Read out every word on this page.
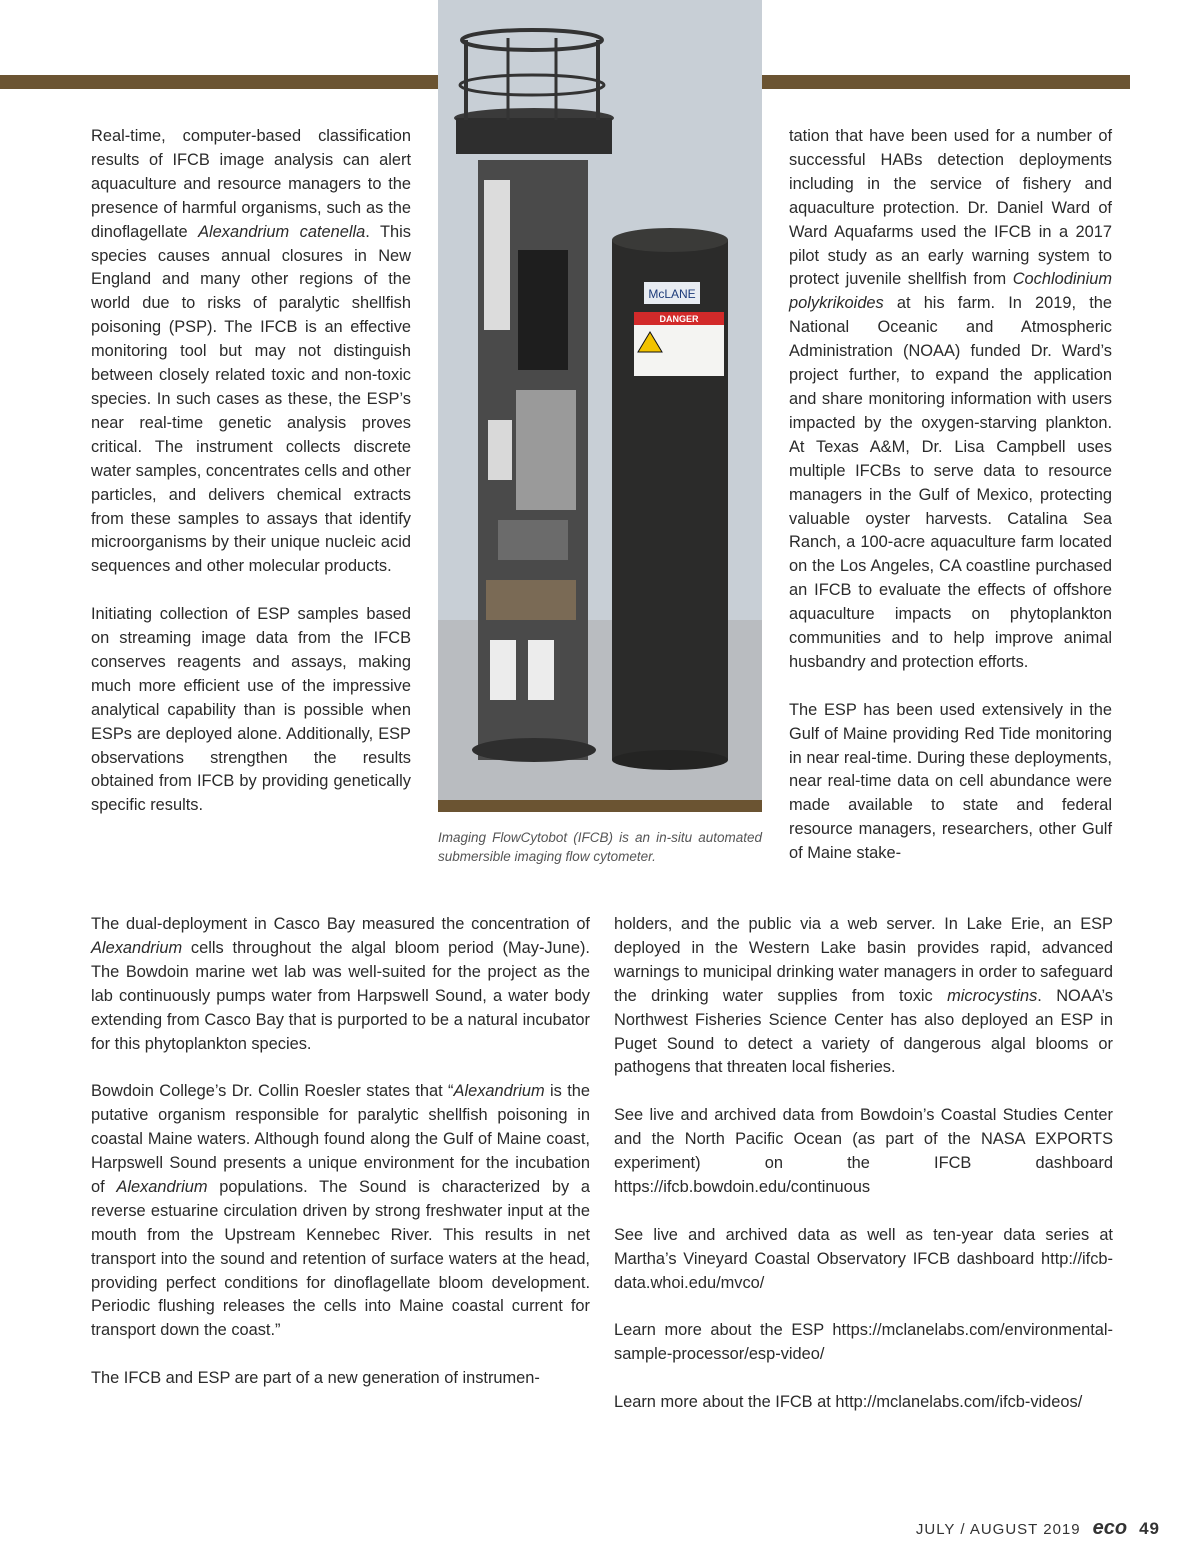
McLANE
DANGER
Imaging FlowCytobot (IFCB) is an in-situ automated submersible imaging flow cytometer.

Real-time, computer-based classification results of IFCB image analysis can alert aquaculture and resource managers to the presence of harmful organisms, such as the dinoflagellate Alexandrium catenella. This species causes annual closures in New England and many other regions of the world due to risks of paralytic shellfish poisoning (PSP). The IFCB is an effective monitoring tool but may not distinguish between closely related toxic and non-toxic species. In such cases as these, the ESP’s near real-time genetic analysis proves critical. The instrument collects discrete water samples, concentrates cells and other particles, and delivers chemical extracts from these samples to assays that identify microorganisms by their unique nucleic acid sequences and other molecular products.

Initiating collection of ESP samples based on streaming image data from the IFCB conserves reagents and assays, making much more efficient use of the impressive analytical capability than is possible when ESPs are deployed alone. Additionally, ESP observations strengthen the results obtained from IFCB by providing genetically specific results.

tation that have been used for a number of successful HABs detection deployments including in the service of fishery and aquaculture protection. Dr. Daniel Ward of Ward Aquafarms used the IFCB in a 2017 pilot study as an early warning system to protect juvenile shellfish from Cochlodinium polykrikoides at his farm. In 2019, the National Oceanic and Atmospheric Administration (NOAA) funded Dr. Ward’s project further, to expand the application and share monitoring information with users impacted by the oxygen-starving plankton. At Texas A&M, Dr. Lisa Campbell uses multiple IFCBs to serve data to resource managers in the Gulf of Mexico, protecting valuable oyster harvests. Catalina Sea Ranch, a 100-acre aquaculture farm located on the Los Angeles, CA coastline purchased an IFCB to evaluate the effects of offshore aquaculture impacts on phytoplankton communities and to help improve animal husbandry and protection efforts.

The ESP has been used extensively in the Gulf of Maine providing Red Tide monitoring in near real-time. During these deployments, near real-time data on cell abundance were made available to state and federal resource managers, researchers, other Gulf of Maine stake-

The dual-deployment in Casco Bay measured the concentration of Alexandrium cells throughout the algal bloom period (May-June). The Bowdoin marine wet lab was well-suited for the project as the lab continuously pumps water from Harpswell Sound, a water body extending from Casco Bay that is purported to be a natural incubator for this phytoplankton species.

Bowdoin College’s Dr. Collin Roesler states that “Alexandrium is the putative organism responsible for paralytic shellfish poisoning in coastal Maine waters. Although found along the Gulf of Maine coast, Harpswell Sound presents a unique environment for the incubation of Alexandrium populations. The Sound is characterized by a reverse estuarine circulation driven by strong freshwater input at the mouth from the Upstream Kennebec River. This results in net transport into the sound and retention of surface waters at the head, providing perfect conditions for dinoflagellate bloom development. Periodic flushing releases the cells into Maine coastal current for transport down the coast.”

The IFCB and ESP are part of a new generation of instrumen-

holders, and the public via a web server. In Lake Erie, an ESP deployed in the Western Lake basin provides rapid, advanced warnings to municipal drinking water managers in order to safeguard the drinking water supplies from toxic microcystins. NOAA’s Northwest Fisheries Science Center has also deployed an ESP in Puget Sound to detect a variety of dangerous algal blooms or pathogens that threaten local fisheries.

See live and archived data from Bowdoin’s Coastal Studies Center and the North Pacific Ocean (as part of the NASA EXPORTS experiment) on the IFCB dashboard https://ifcb.bowdoin.edu/continuous

See live and archived data as well as ten-year data series at Martha’s Vineyard Coastal Observatory IFCB dashboard http://ifcb-data.whoi.edu/mvco/

Learn more about the ESP https://mclanelabs.com/environmental-sample-processor/esp-video/

Learn more about the IFCB at http://mclanelabs.com/ifcb-videos/

JULY / AUGUST 2019 eco 49
